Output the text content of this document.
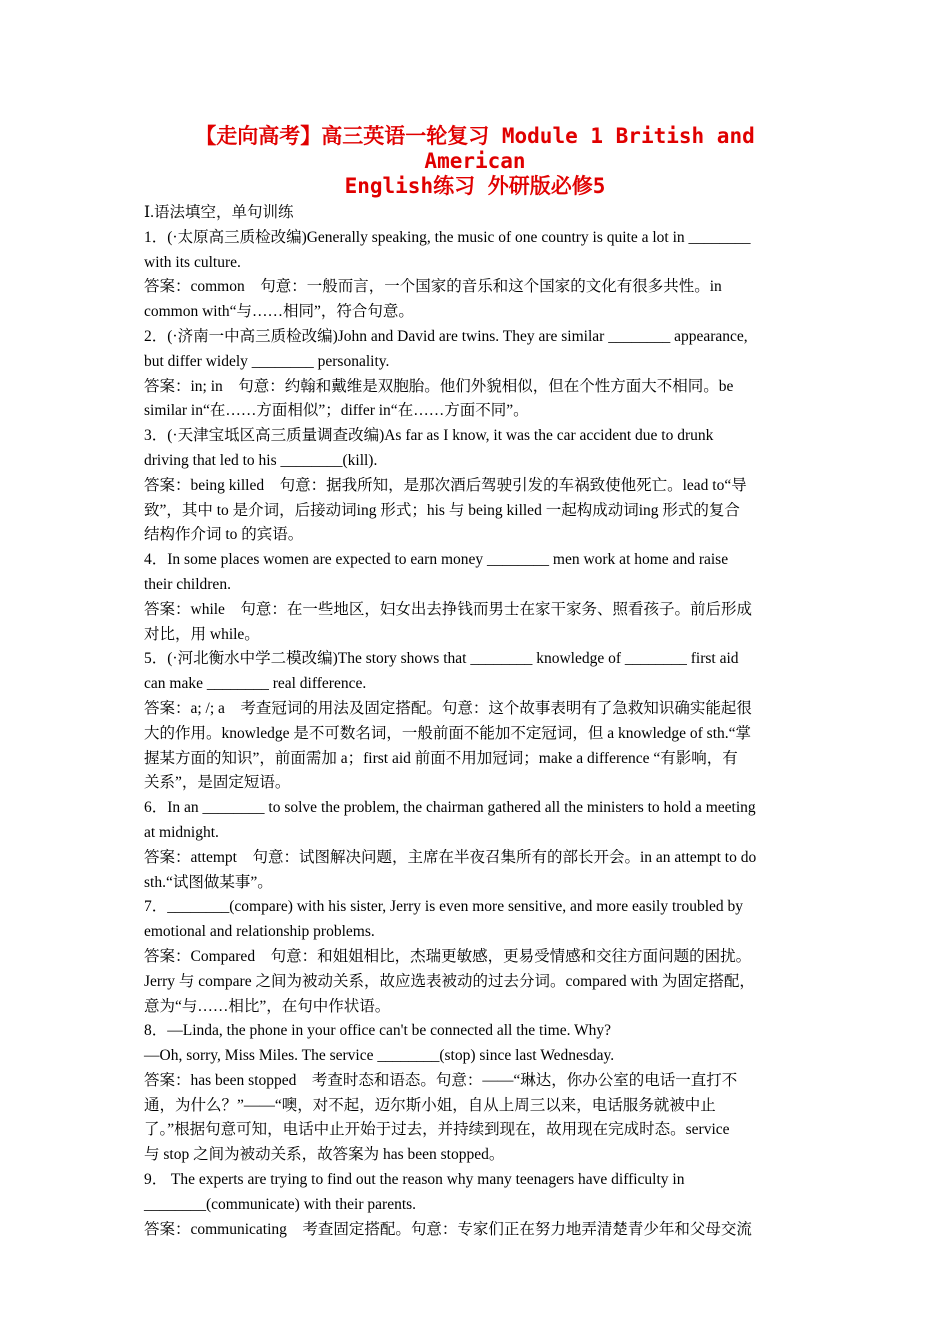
【走向高考】高三英语一轮复习 Module 1 British and American
English练习 外研版必修5
Ⅰ.语法填空，单句训练
1．(·太原高三质检改编)Generally speaking, the music of one country is quite a lot in ________
with its culture.
答案：common　句意：一般而言，一个国家的音乐和这个国家的文化有很多共性。in
common with“与……相同”，符合句意。
2．(·济南一中高三质检改编)John and David are twins. They are similar ________ appearance,
but differ widely ________ personality.
答案：in; in　句意：约翰和戴维是双胞胎。他们外貌相似，但在个性方面大不相同。be
similar in“在……方面相似”；differ in“在……方面不同”。
3．(·天津宝坻区高三质量调查改编)As far as I know, it was the car accident due to drunk
driving that led to his ________(kill).
答案：being killed　句意：据我所知，是那次酒后驾驶引发的车祸致使他死亡。lead to“导
致”，其中 to 是介词，后接动词ing 形式；his 与 being killed 一起构成动词ing 形式的复合
结构作介词 to 的宾语。
4．In some places women are expected to earn money ________ men work at home and raise
their children.
答案：while　句意：在一些地区，妇女出去挣钱而男士在家干家务、照看孩子。前后形成
对比，用 while。
5．(·河北衡水中学二模改编)The story shows that ________ knowledge of ________ first aid
can make ________ real difference.
答案：a; /; a　考查冠词的用法及固定搭配。句意：这个故事表明有了急救知识确实能起很
大的作用。knowledge 是不可数名词，一般前面不能加不定冠词，但 a knowledge of sth.“掌
握某方面的知识”，前面需加 a；first aid 前面不用加冠词；make a difference “有影响，有
关系”，是固定短语。
6．In an ________ to solve the problem, the chairman gathered all the ministers to hold a meeting
at midnight.
答案：attempt　句意：试图解决问题，主席在半夜召集所有的部长开会。in an attempt to do
sth.“试图做某事”。
7．________(compare) with his sister, Jerry is even more sensitive, and more easily troubled by
emotional and relationship problems.
答案：Compared　句意：和姐姐相比，杰瑞更敏感，更易受情感和交往方面问题的困扰。
Jerry 与 compare 之间为被动关系，故应选表被动的过去分词。compared with 为固定搭配，
意为“与……相比”，在句中作状语。
8．—Linda, the phone in your office can't be connected all the time. Why?
—Oh, sorry, Miss Miles. The service ________(stop) since last Wednesday.
答案：has been stopped　考查时态和语态。句意：——“琳达，你办公室的电话一直打不
通，为什么？”——“噢，对不起，迈尔斯小姐，自从上周三以来，电话服务就被中止
了。”根据句意可知，电话中止开始于过去，并持续到现在，故用现在完成时态。service
与 stop 之间为被动关系，故答案为 has been stopped。
9． The experts are trying to find out the reason why many teenagers have difficulty in
________(communicate) with their parents.
答案：communicating　考查固定搭配。句意：专家们正在努力地弄清楚青少年和父母交流
